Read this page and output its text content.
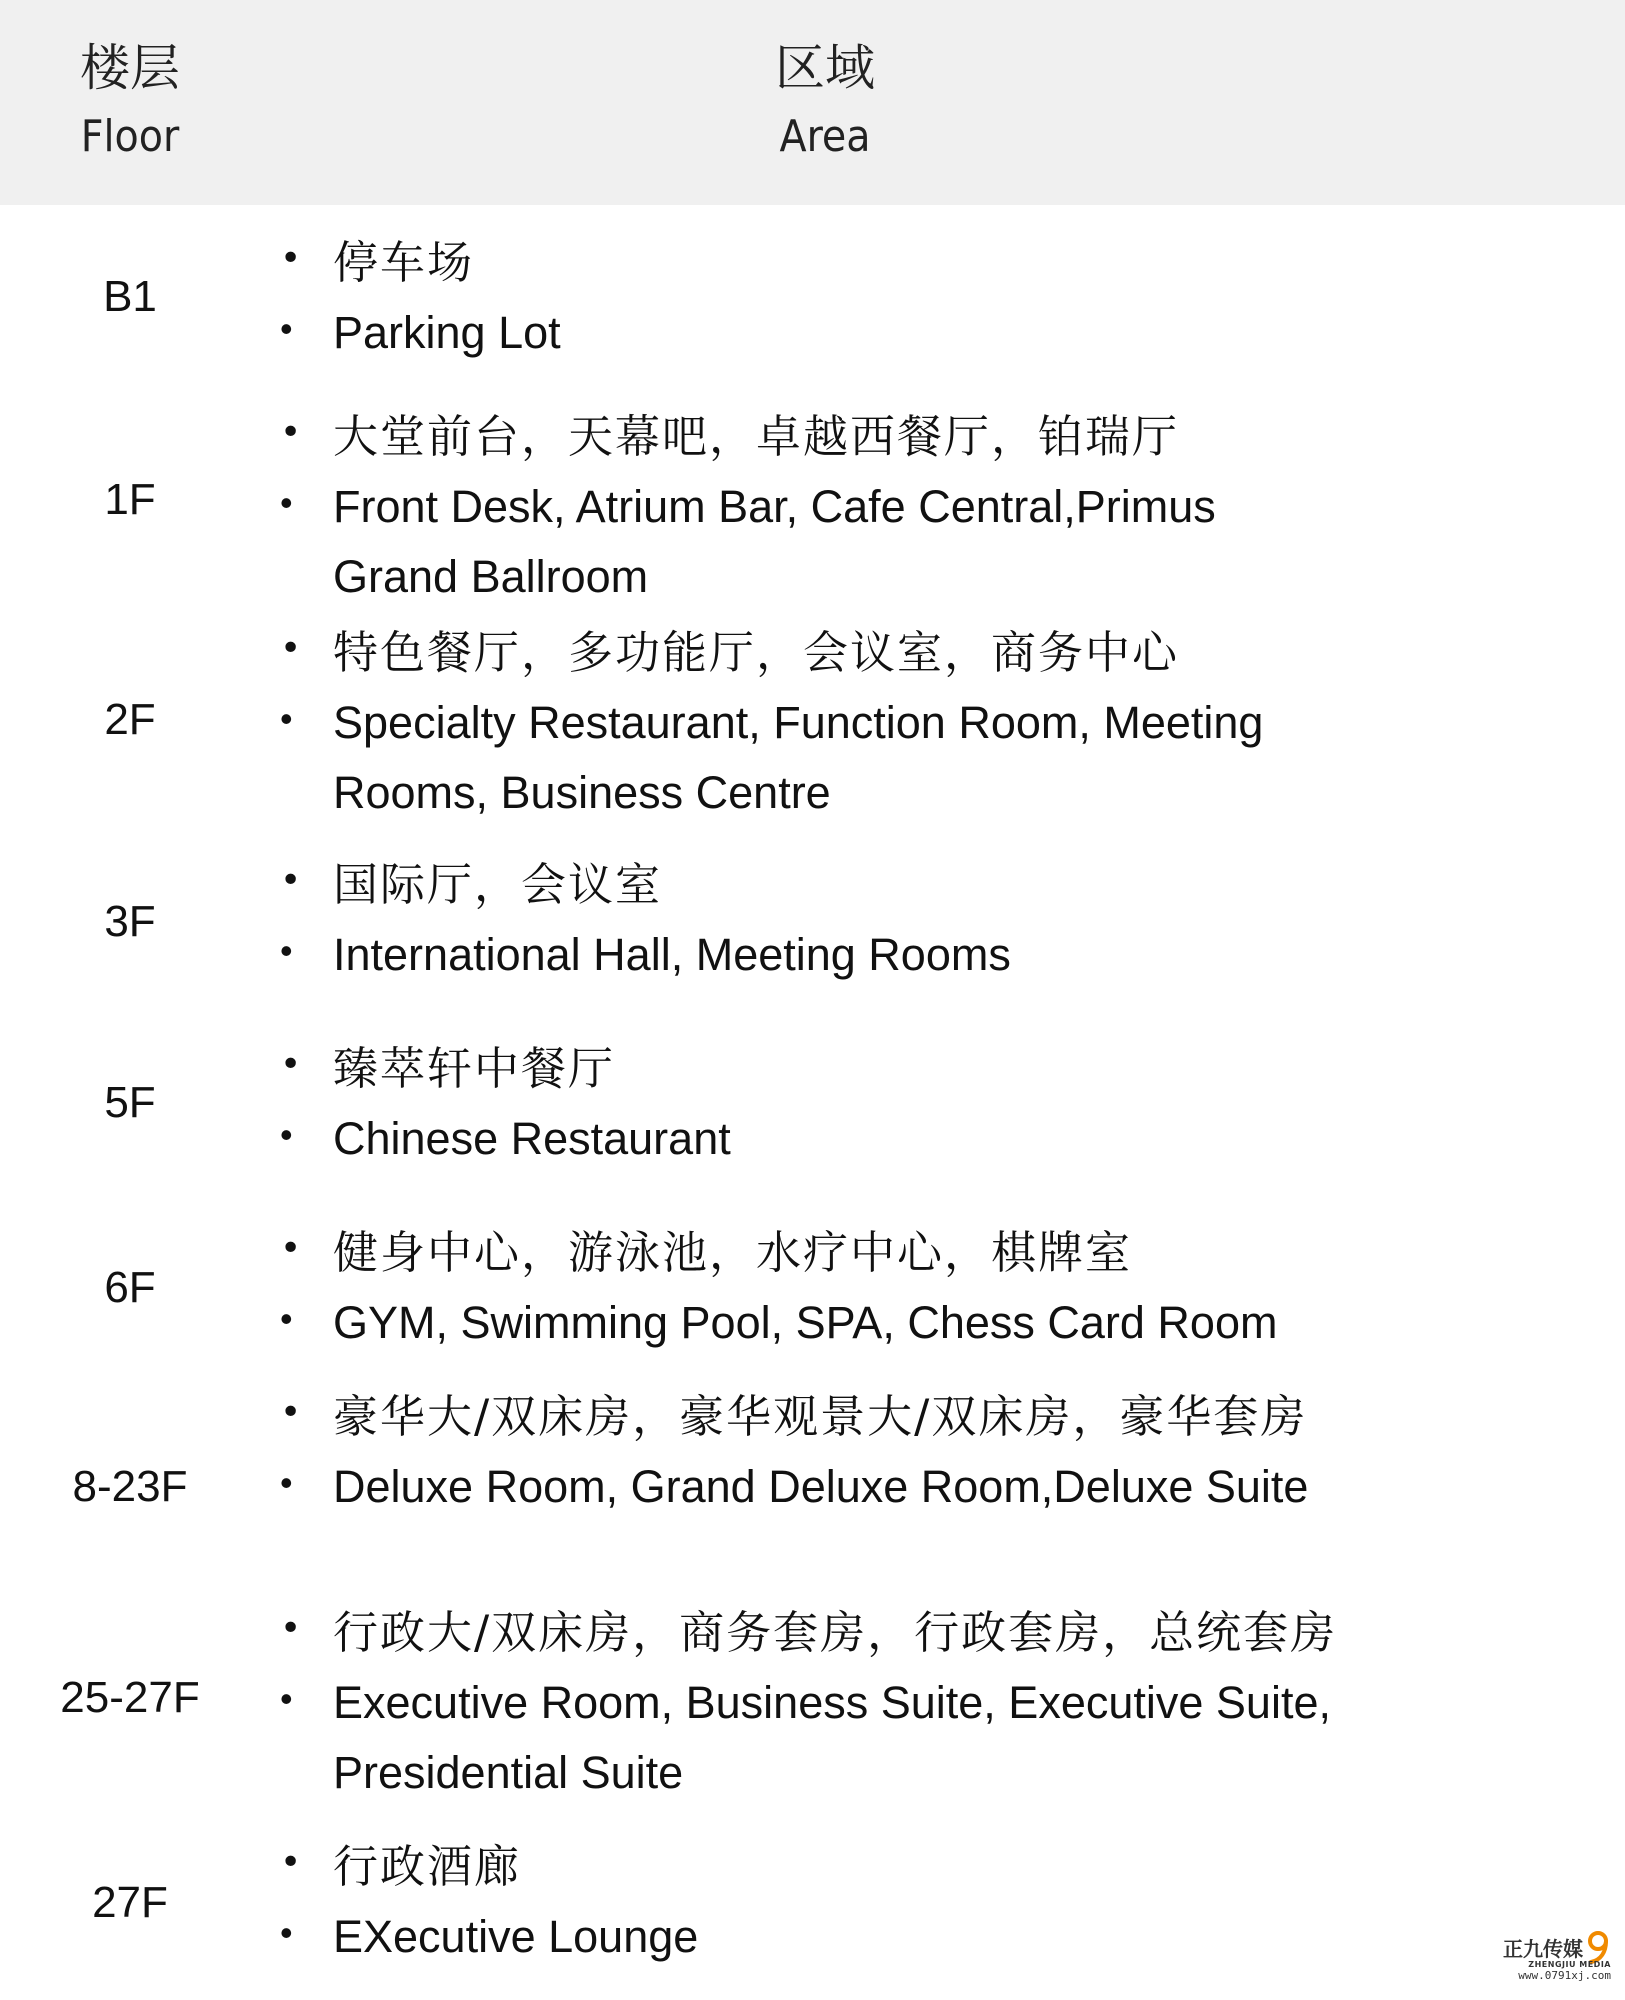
楼层
Floor
区域
Area
B1
• 停车场
• Parking Lot
1F
• 大堂前台，天幕吧，卓越西餐厅，铂瑞厅
• Front Desk, Atrium Bar, Cafe Central,Primus Grand Ballroom
2F
• 特色餐厅，多功能厅，会议室，商务中心
• Specialty Restaurant, Function Room, Meeting Rooms, Business Centre
3F
• 国际厅，会议室
• International Hall, Meeting Rooms
5F
• 臻萃轩中餐厅
• Chinese Restaurant
6F
• 健身中心，游泳池，水疗中心，棋牌室
• GYM, Swimming Pool, SPA, Chess Card Room
8-23F
• 豪华大/双床房，豪华观景大/双床房，豪华套房
• Deluxe Room, Grand Deluxe Room,Deluxe Suite
25-27F
• 行政大/双床房，商务套房，行政套房，总统套房
• Executive Room, Business Suite, Executive Suite, Presidential Suite
27F
• 行政酒廊
• EXecutive Lounge	正九传媒
ZHENGJIU MEDIA
www.0791xj.com
